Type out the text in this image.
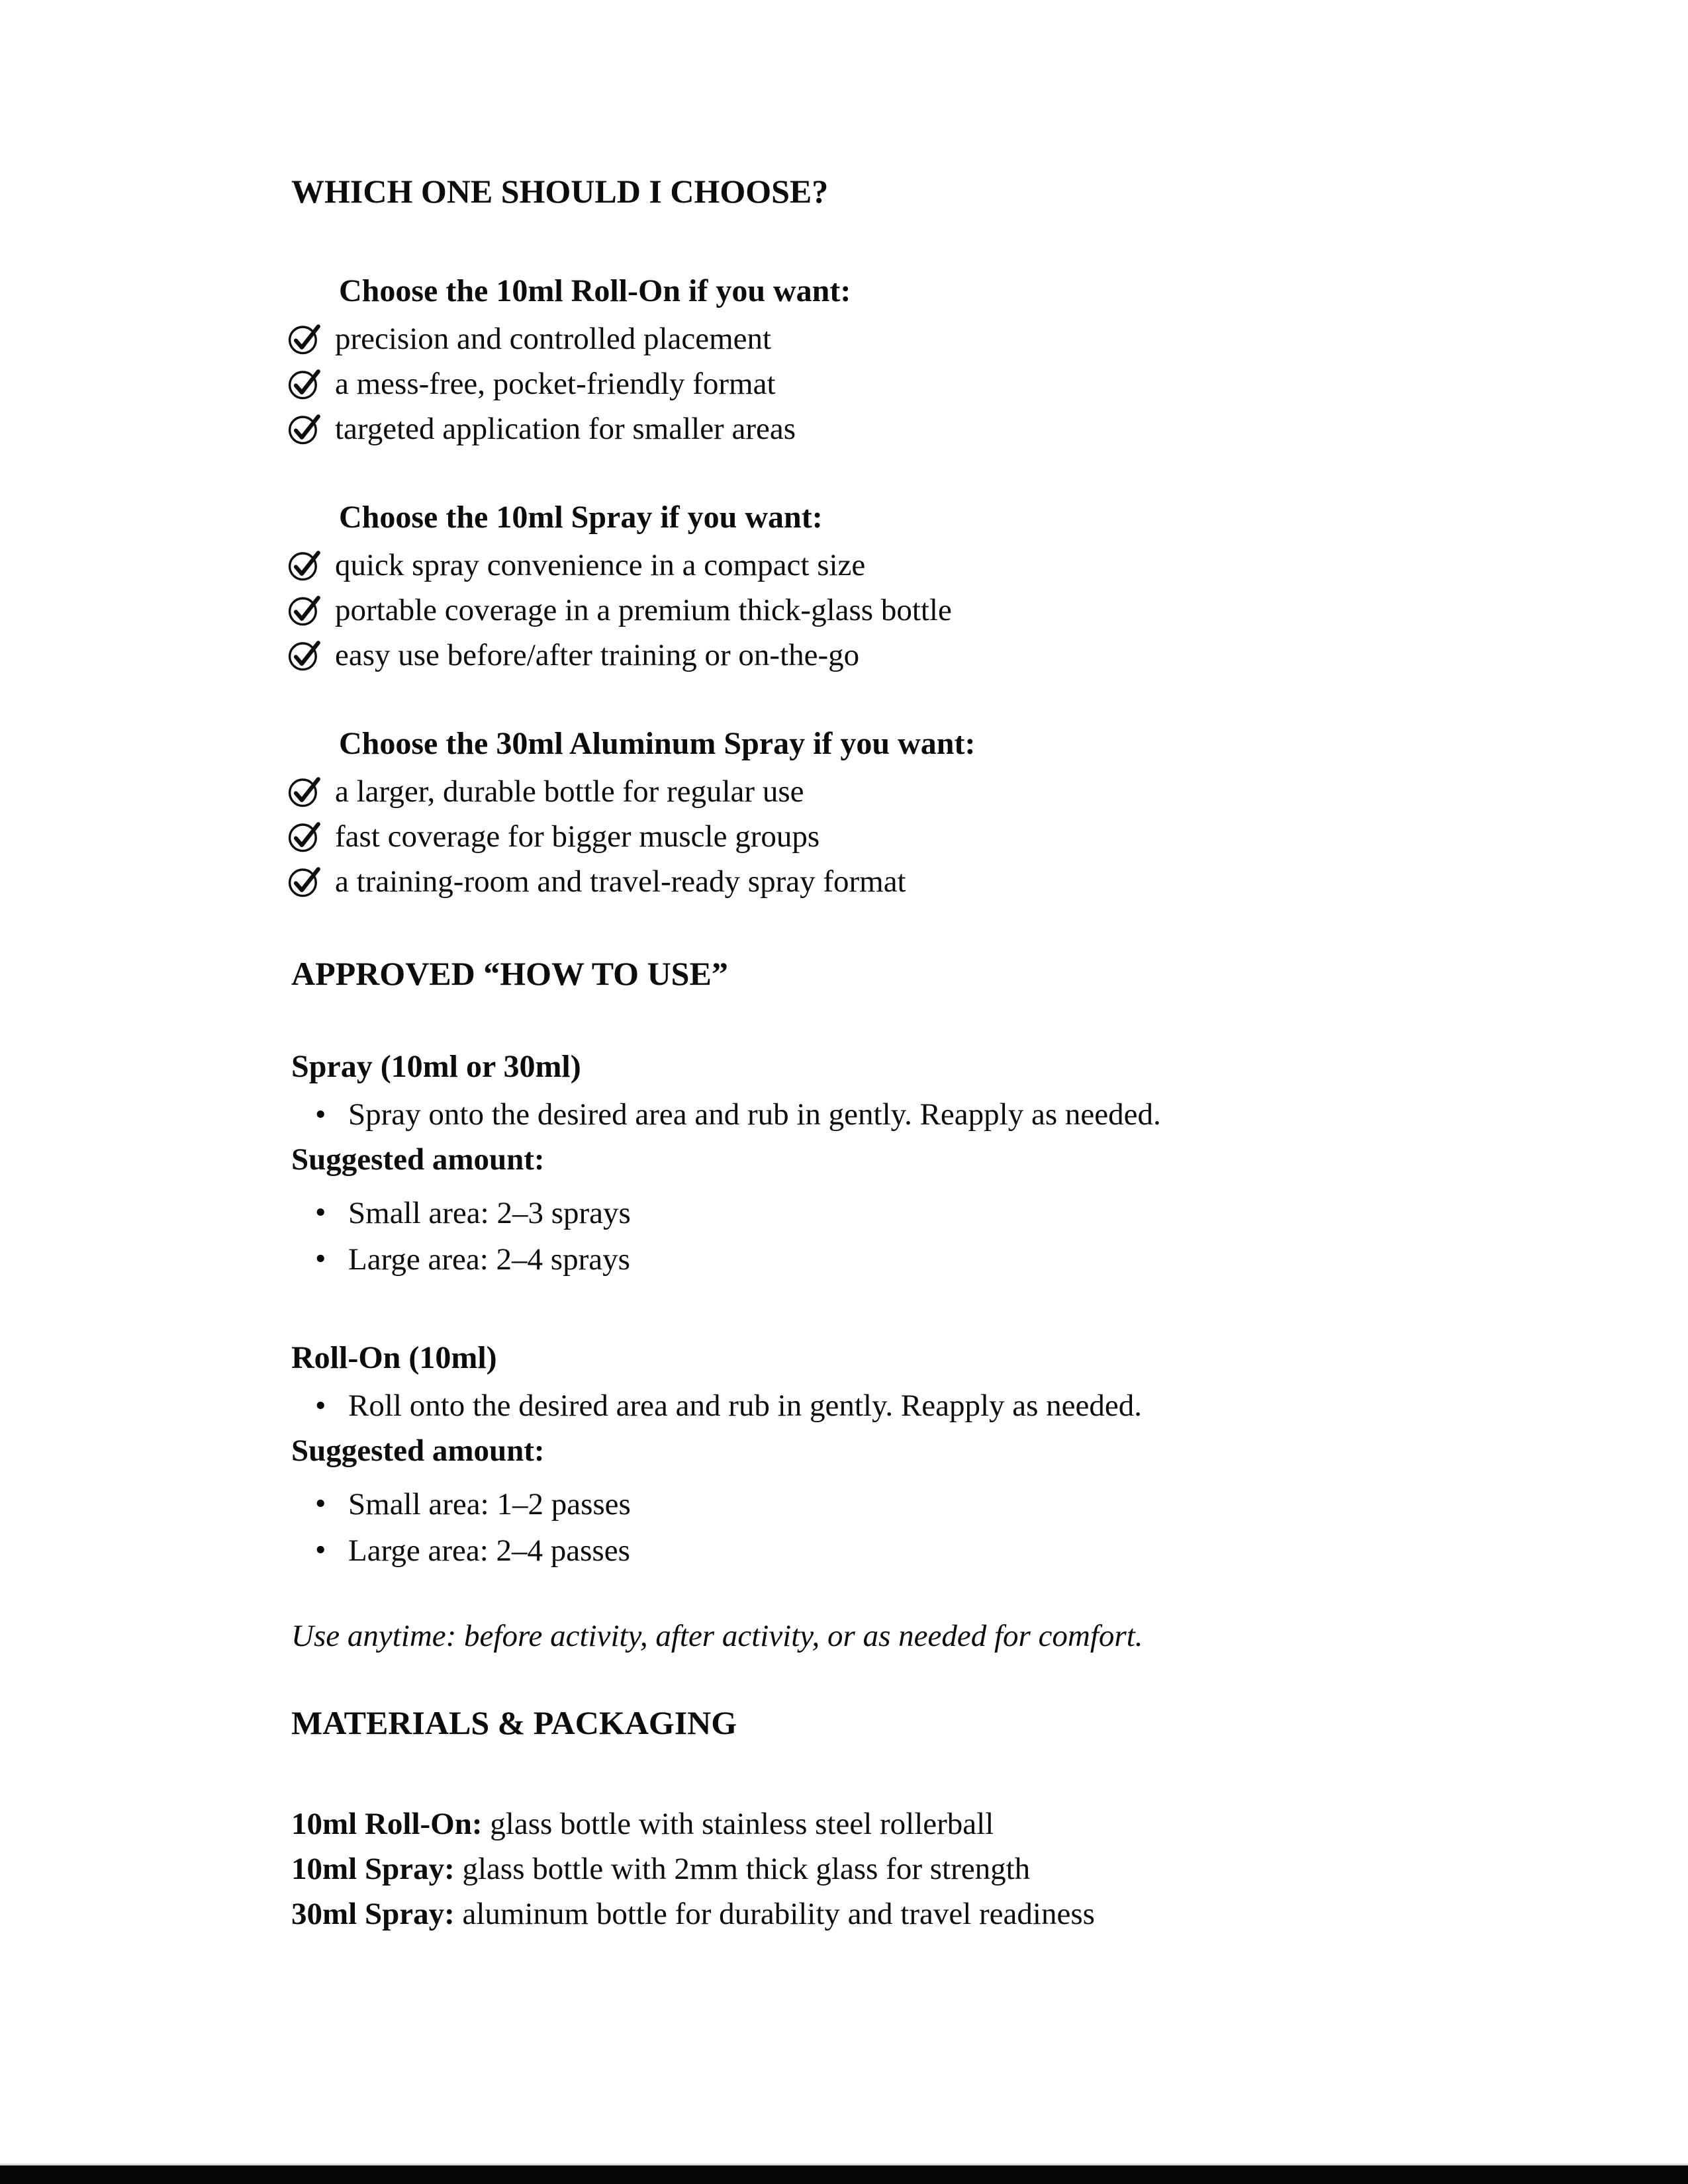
WHICH ONE SHOULD I CHOOSE?
Choose the 10ml Roll-On if you want:
precision and controlled placement
a mess-free, pocket-friendly format
targeted application for smaller areas
Choose the 10ml Spray if you want:
quick spray convenience in a compact size
portable coverage in a premium thick-glass bottle
easy use before/after training or on-the-go
Choose the 30ml Aluminum Spray if you want:
a larger, durable bottle for regular use
fast coverage for bigger muscle groups
a training-room and travel-ready spray format
APPROVED “HOW TO USE”
Spray (10ml or 30ml)
• Spray onto the desired area and rub in gently. Reapply as needed.

Suggested amount:

• Small area: 2–3 sprays
• Large area: 2–4 sprays
Roll-On (10ml)
• Roll onto the desired area and rub in gently. Reapply as needed.

Suggested amount:

• Small area: 1–2 passes
• Large area: 2–4 passes

Use anytime: before activity, after activity, or as needed for comfort.

MATERIALS & PACKAGING

10ml Roll-On: glass bottle with stainless steel rollerball

10ml Spray: glass bottle with 2mm thick glass for strength

30ml Spray: aluminum bottle for durability and travel readiness
